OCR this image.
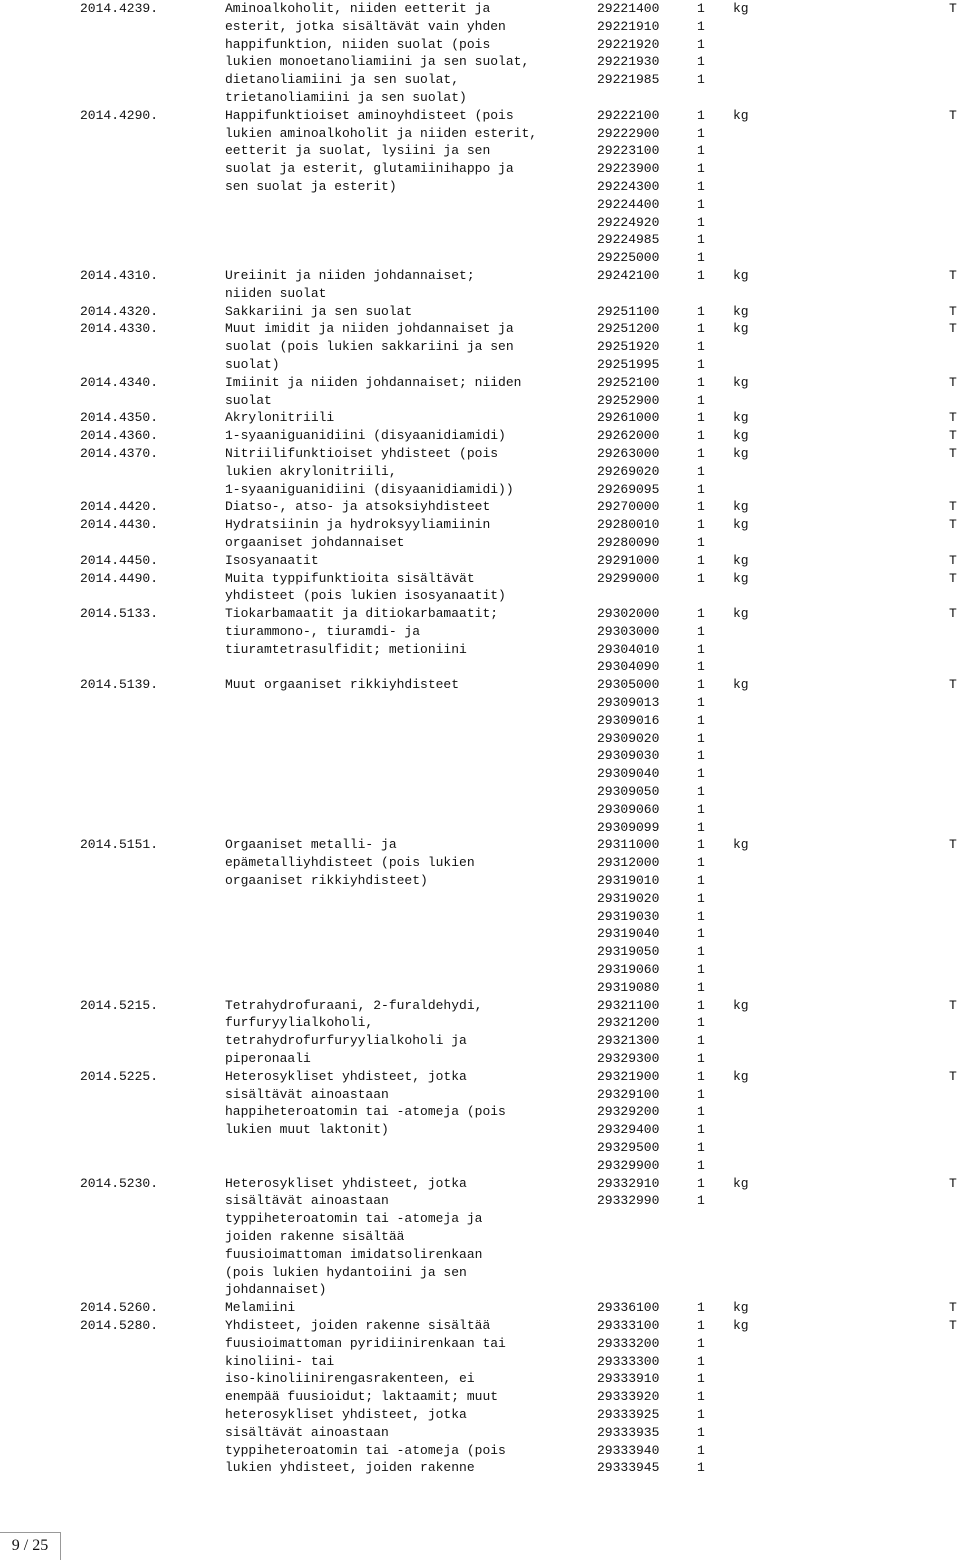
2014.4239.	Aminoalkoholit, niiden eetterit ja	29221400	1 kg	T
esterit, jotka sisältävät vain yhden	29221910	1
happifunktion, niiden suolat (pois	29221920	1
lukien monoetanoliamiini ja sen suolat,	29221930	1
dietanoliamiini ja sen suolat,	29221985	1
trietanoliamiini ja sen suolat)
2014.4290.	Happifunktioiset aminoyhdisteet (pois	29222100	1 kg	T
lukien aminoalkoholit ja niiden esterit,	29222900	1
eetterit ja suolat, lysiini ja sen	29223100	1
suolat ja esterit, glutamiinihappo ja	29223900	1
sen suolat ja esterit)	29224300	1
29224400	1
29224920	1
29224985	1
29225000	1
2014.4310.	Ureiinit ja niiden johdannaiset;	29242100	1 kg	T
niiden suolat
2014.4320.	Sakkariini ja sen suolat	29251100	1 kg	T
2014.4330.	Muut imidit ja niiden johdannaiset ja	29251200	1 kg	T
suolat (pois lukien sakkariini ja sen	29251920	1
suolat)	29251995	1
2014.4340.	Imiinit ja niiden johdannaiset; niiden	29252100	1 kg	T
suolat	29252900	1
2014.4350.	Akrylonitriili	29261000	1 kg	T
2014.4360.	1-syaaniguanidiini (disyaanidiamidi)	29262000	1 kg	T
2014.4370.	Nitriilifunktioiset yhdisteet (pois	29263000	1 kg	T
lukien akrylonitriili,	29269020	1
1-syaaniguanidiini (disyaanidiamidi))	29269095	1
2014.4420.	Diatso-, atso- ja atsoksiyhdisteet	29270000	1 kg	T
2014.4430.	Hydratsiinin ja hydroksyyliamiinin	29280010	1 kg	T
orgaaniset johdannaiset	29280090	1
2014.4450.	Isosyanaatit	29291000	1 kg	T
2014.4490.	Muita typpifunktioita sisältävät	29299000	1 kg	T
yhdisteet (pois lukien isosyanaatit)
2014.5133.	Tiokarbamaatit ja ditiokarbamaatit;	29302000	1 kg	T
tiurammono-, tiuramdi- ja	29303000	1
tiuramtetrasulfidit; metioniini	29304010	1
29304090	1
2014.5139.	Muut orgaaniset rikkiyhdisteet	29305000	1 kg	T
29309013	1
29309016	1
29309020	1
29309030	1
29309040	1
29309050	1
29309060	1
29309099	1
2014.5151.	Orgaaniset metalli- ja	29311000	1 kg	T
epämetalliyhdisteet (pois lukien	29312000	1
orgaaniset rikkiyhdisteet)	29319010	1
29319020	1
29319030	1
29319040	1
29319050	1
29319060	1
29319080	1
2014.5215.	Tetrahydrofuraani, 2-furaldehydi,	29321100	1 kg	T
furfuryylialkoholi,	29321200	1
tetrahydrofurfuryylialkoholi ja	29321300	1
piperonaali	29329300	1
2014.5225.	Heterosykliset yhdisteet, jotka	29321900	1 kg	T
sisältävät ainoastaan	29329100	1
happiheteroatomin tai -atomeja (pois	29329200	1
lukien muut laktonit)	29329400	1
29329500	1
29329900	1
2014.5230.	Heterosykliset yhdisteet, jotka	29332910	1 kg	T
sisältävät ainoastaan	29332990	1
typpiheteroatomin tai -atomeja ja
joiden rakenne sisältää
fuusioimattoman imidatsolirenkaan
(pois lukien hydantoiini ja sen
johdannaiset)
2014.5260.	Melamiini	29336100	1 kg	T
2014.5280.	Yhdisteet, joiden rakenne sisältää	29333100	1 kg	T
fuusioimattoman pyridiinirenkaan tai	29333200	1
kinoliini- tai	29333300	1
iso-kinoliinirengasrakenteen, ei	29333910	1
enempää fuusioidut; laktaamit; muut	29333920	1
heterosykliset yhdisteet, jotka	29333925	1
sisältävät ainoastaan	29333935	1
typpiheteroatomin tai -atomeja (pois	29333940	1
lukien yhdisteet, joiden rakenne	29333945	1
9 / 25
